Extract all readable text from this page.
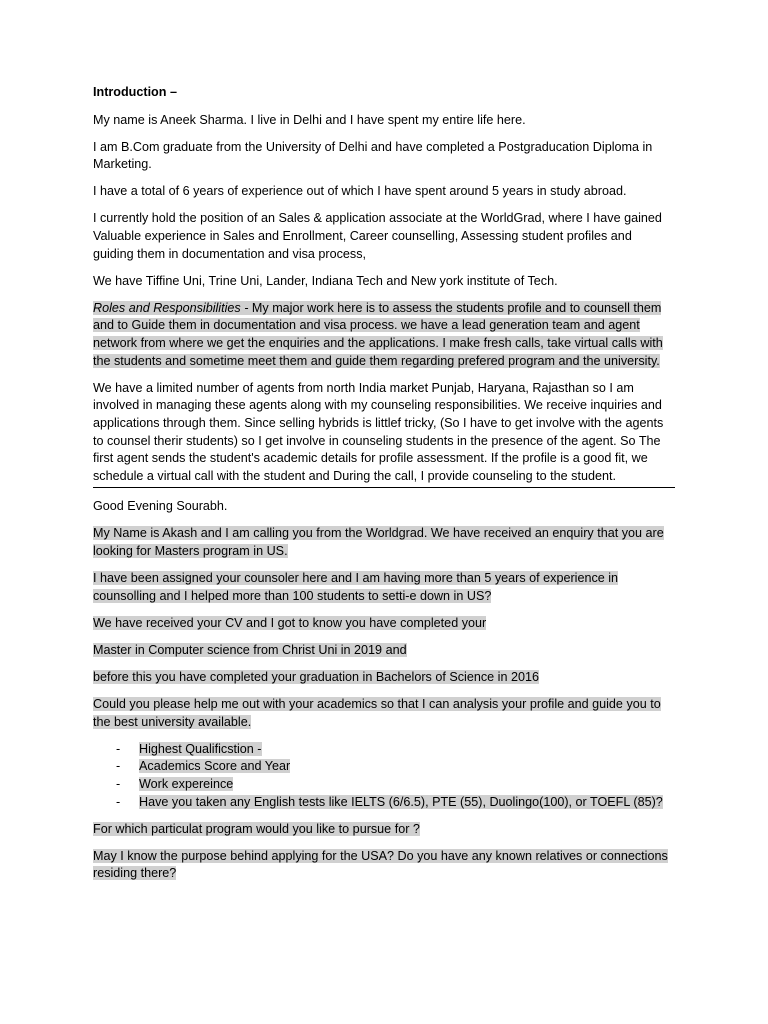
Introduction –

My name is Aneek Sharma. I live in Delhi and I have spent my entire life here.

I am B.Com graduate from the University of Delhi and have completed a Postgraducation Diploma in Marketing.

I have a total of 6 years of experience out of which I have spent around 5 years in study abroad.

I currently hold the position of an Sales & application associate at the WorldGrad, where I have gained Valuable experience in Sales and Enrollment, Career counselling, Assessing student profiles and guiding them in documentation and visa process,

We have Tiffine Uni, Trine Uni, Lander, Indiana Tech and New york institute of Tech.

Roles and Responsibilities - My major work here is to assess the students profile and to counsell them and to Guide them in documentation and visa process. we have a lead generation team and agent network from where we get the enquiries and the applications. I make fresh calls, take virtual calls with the students and sometime meet them and guide them regarding prefered program and the university.

We have a limited number of agents from north India market Punjab, Haryana, Rajasthan so I am involved in managing these agents along with my counseling responsibilities. We receive inquiries and applications through them. Since selling hybrids is littlef tricky, (So I have to get involve with the agents to counsel therir students) so I get involve in counseling students in the presence of the agent. So The first agent sends the student's academic details for profile assessment. If the profile is a good fit, we schedule a virtual call with the student and During the call, I provide counseling to the student.

Good Evening Sourabh.

My Name is Akash and I am calling you from the Worldgrad. We have received an enquiry that you are looking for Masters program in US.

I have been assigned your counsoler here and I am having more than 5 years of experience in counsolling and I helped more than 100 students to setti-e down in US?

We have received your CV and I got to know you have completed your

Master in Computer science from Christ Uni in 2019 and

before this you have completed your graduation in Bachelors of Science in 2016

Could you please help me out with your academics so that I can analysis your profile and guide you to the best university available.

- Highest Qualificstion -
- Academics Score and Year
- Work expereince
- Have you taken any English tests like IELTS (6/6.5), PTE (55), Duolingo(100), or TOEFL (85)?

For which particulat program would you like to pursue for ?

May I know the purpose behind applying for the USA? Do you have any known relatives or connections residing there?
